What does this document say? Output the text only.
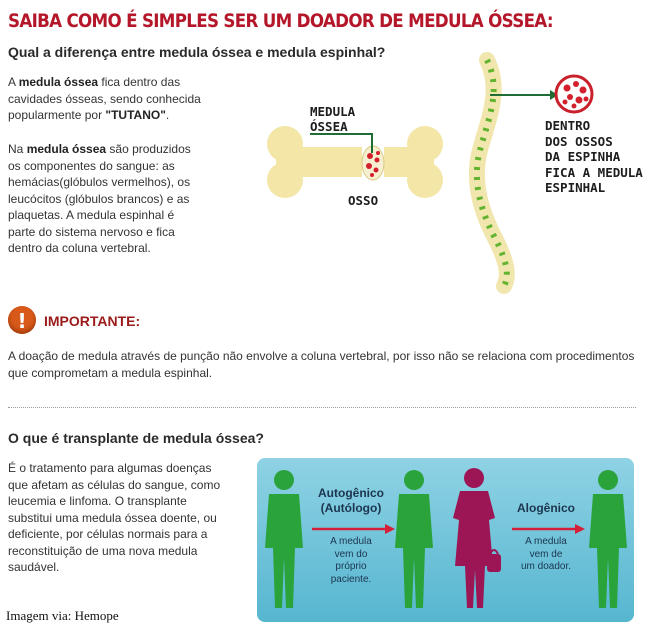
SAIBA COMO É SIMPLES SER UM DOADOR DE MEDULA ÓSSEA:
Qual a diferença entre medula óssea e medula espinhal?
A medula óssea fica dentro das cavidades ósseas, sendo conhecida popularmente por "TUTANO".
Na medula óssea são produzidos os componentes do sangue: as hemácias(glóbulos vermelhos), os leucócitos (glóbulos brancos) e as plaquetas. A medula espinhal é parte do sistema nervoso e fica dentro da coluna vertebral.
MEDULA
ÓSSEA
OSSO
DENTRO
DOS OSSOS
DA ESPINHA
FICA A MEDULA
ESPINHAL
!	IMPORTANTE:
A doação de medula através de punção não envolve a coluna vertebral, por isso não se relaciona com procedimentos que comprometam a medula espinhal.
O que é transplante de medula óssea?
É o tratamento para algumas doenças que afetam as células do sangue, como leucemia e linfoma. O transplante substitui uma medula óssea doente, ou deficiente, por células normais para a reconstituição de uma nova medula saudável.
Autogênico
(Autólogo)
A medula
vem do
próprio
paciente.
Alogênico
A medula
vem de
um doador.
Imagem via: Hemope
